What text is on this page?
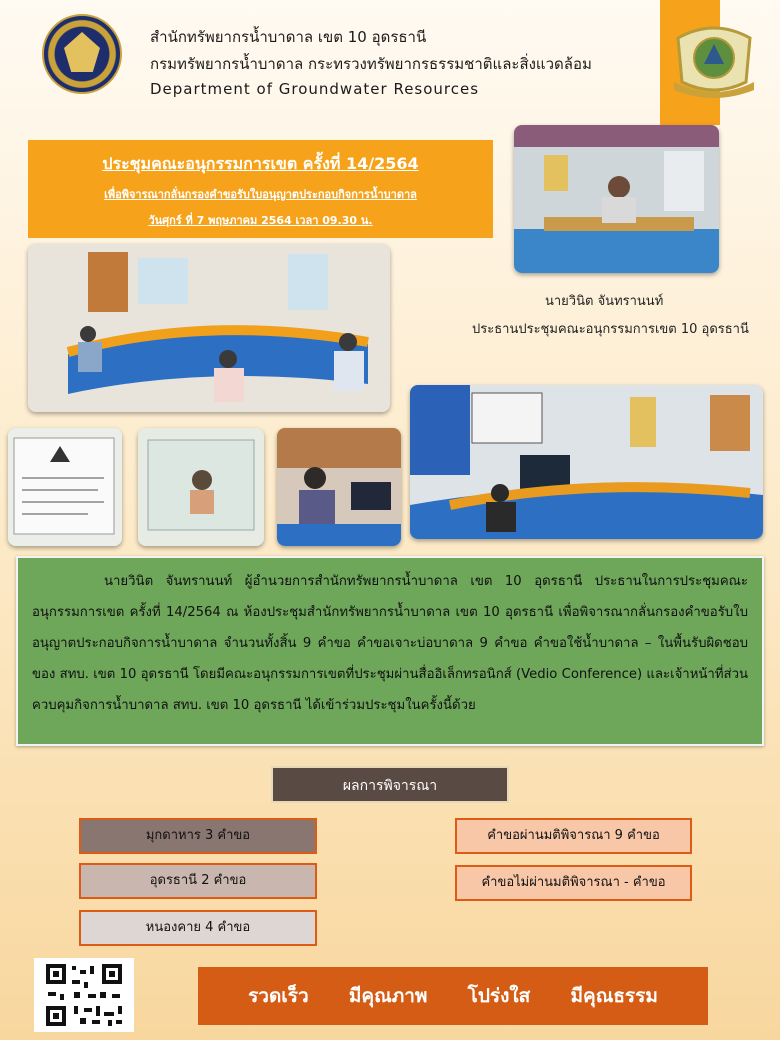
สำนักทรัพยากรน้ำบาดาล เขต 10 อุดรธานี
กรมทรัพยากรน้ำบาดาล กระทรวงทรัพยากรธรรมชาติและสิ่งแวดล้อม
Department of Groundwater Resources
ประชุมคณะอนุกรรมการเขต ครั้งที่ 14/2564
เพื่อพิจารณากลั่นกรองคำขอรับใบอนุญาตประกอบกิจการน้ำบาดาล
วันศุกร์ ที่ 7 พฤษภาคม 2564 เวลา 09.30 น.
นายวินิต จันทรานนท์
ประธานประชุมคณะอนุกรรมการเขต 10 อุดรธานี
นายวินิต จันทรานนท์ ผู้อำนวยการสำนักทรัพยากรน้ำบาดาล เขต 10 อุดรธานี ประธานในการประชุมคณะอนุกรรมการเขต ครั้งที่ 14/2564 ณ ห้องประชุมสำนักทรัพยากรน้ำบาดาล เขต 10 อุดรธานี เพื่อพิจารณากลั่นกรองคำขอรับใบอนุญาตประกอบกิจการน้ำบาดาล จำนวนทั้งสิ้น 9 คำขอ คำขอเจาะบ่อบาดาล 9 คำขอ คำขอใช้น้ำบาดาล – ในพื้นรับผิดชอบของ สทบ. เขต 10 อุดรธานี โดยมีคณะอนุกรรมการเขตที่ประชุมผ่านสื่ออิเล็กทรอนิกส์ (Vedio Conference) และเจ้าหน้าที่ส่วนควบคุมกิจการน้ำบาดาล สทบ. เขต 10 อุดรธานี ได้เข้าร่วมประชุมในครั้งนี้ด้วย
ผลการพิจารณา
มุกดาหาร 3 คำขอ
อุดรธานี 2 คำขอ
หนองคาย 4 คำขอ
คำขอผ่านมติพิจารณา 9 คำขอ
คำขอไม่ผ่านมติพิจารณา - คำขอ
รวดเร็ว มีคุณภาพ โปร่งใส มีคุณธรรม
